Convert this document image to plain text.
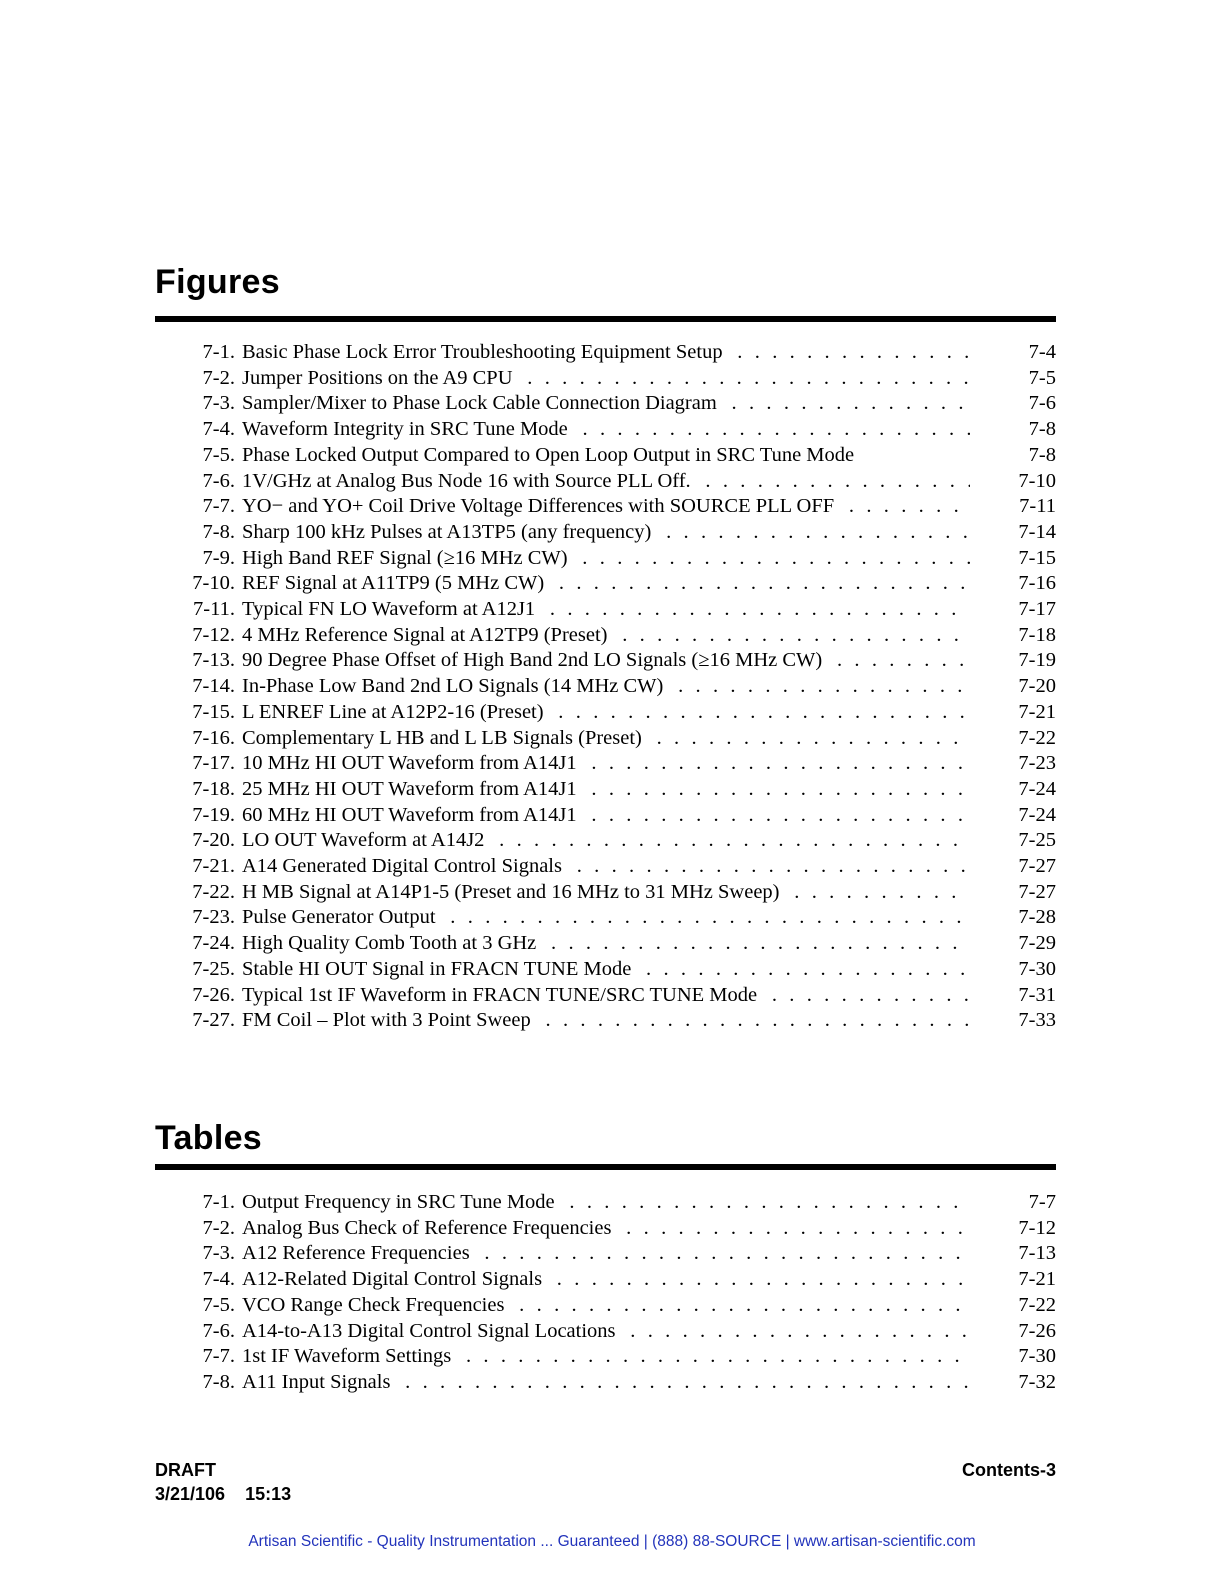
Figures
7-1. Basic Phase Lock Error Troubleshooting Equipment Setup . . .	7-4
7-2. Jumper Positions on the A9 CPU . . .	7-5
7-3. Sampler/Mixer to Phase Lock Cable Connection Diagram . . .	7-6
7-4. Waveform Integrity in SRC Tune Mode . . .	7-8
7-5. Phase Locked Output Compared to Open Loop Output in SRC Tune Mode	7-8
7-6. 1V/GHz at Analog Bus Node 16 with Source PLL Off. . . .	7-10
7-7. YO− and YO+ Coil Drive Voltage Differences with SOURCE PLL OFF . . .	7-11
7-8. Sharp 100 kHz Pulses at A13TP5 (any frequency) . . .	7-14
7-9. High Band REF Signal (≥16 MHz CW) . . .	7-15
7-10. REF Signal at A11TP9 (5 MHz CW) . . .	7-16
7-11. Typical FN LO Waveform at A12J1 . . .	7-17
7-12. 4 MHz Reference Signal at A12TP9 (Preset) . . .	7-18
7-13. 90 Degree Phase Offset of High Band 2nd LO Signals (≥16 MHz CW) . . .	7-19
7-14. In-Phase Low Band 2nd LO Signals (14 MHz CW) . . .	7-20
7-15. L ENREF Line at A12P2-16 (Preset) . . .	7-21
7-16. Complementary L HB and L LB Signals (Preset) . . .	7-22
7-17. 10 MHz HI OUT Waveform from A14J1 . . .	7-23
7-18. 25 MHz HI OUT Waveform from A14J1 . . .	7-24
7-19. 60 MHz HI OUT Waveform from A14J1 . . .	7-24
7-20. LO OUT Waveform at A14J2 . . .	7-25
7-21. A14 Generated Digital Control Signals . . .	7-27
7-22. H MB Signal at A14P1-5 (Preset and 16 MHz to 31 MHz Sweep) . . .	7-27
7-23. Pulse Generator Output . . .	7-28
7-24. High Quality Comb Tooth at 3 GHz . . .	7-29
7-25. Stable HI OUT Signal in FRACN TUNE Mode . . .	7-30
7-26. Typical 1st IF Waveform in FRACN TUNE/SRC TUNE Mode . . .	7-31
7-27. FM Coil – Plot with 3 Point Sweep . . .	7-33
Tables
7-1. Output Frequency in SRC Tune Mode . . .	7-7
7-2. Analog Bus Check of Reference Frequencies . . .	7-12
7-3. A12 Reference Frequencies . . .	7-13
7-4. A12-Related Digital Control Signals . . .	7-21
7-5. VCO Range Check Frequencies . . .	7-22
7-6. A14-to-A13 Digital Control Signal Locations . . .	7-26
7-7. 1st IF Waveform Settings . . .	7-30
7-8. A11 Input Signals . . .	7-32
DRAFT
3/21/106    15:13
Contents-3
Artisan Scientific - Quality Instrumentation ... Guaranteed | (888) 88-SOURCE | www.artisan-scientific.com
